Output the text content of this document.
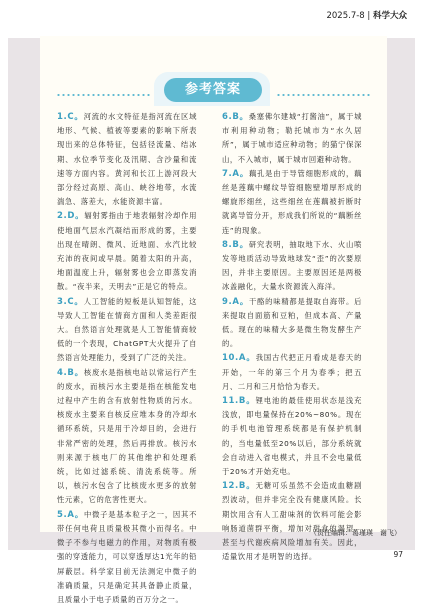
2025.7-8 | 科学大众
参考答案

1.C。河流的水文特征是指河流在区域地形、气候、植被等要素的影响下所表现出来的总体特征，包括径流量、结冰期、水位季节变化及汛期、含沙量和流速等方面内容。黄河和长江上游河段大部分经过高原、高山、峡谷地带，水流湍急、落差大，水能资源丰富。

2.D。辐射雾指由于地表辐射冷却作用使地面气层水汽凝结而形成的雾，主要出现在晴朗、微风、近地面、水汽比较充沛的夜间或早晨。随着太阳的升高，地面温度上升，辐射雾也会立即蒸发消散。“夜半来，天明去”正是它的特点。

3.C。人工智能的短板是认知智能，这导致人工智能在情商方面和人类差距很大。自然语言处理就是人工智能情商较低的一个表现，ChatGPT大火提升了自然语言处理能力，受到了广泛的关注。

4.B。核废水是指核电站以常运行产生的废水，而核污水主要是指在核能发电过程中产生的含有放射性物质的污水。核废水主要来自核反应堆本身的冷却水循环系统，只是用于冷却目的，会进行非常严密的处理，然后再排放。核污水则来源于核电厂的其他维护和处理系统，比如过滤系统、清洗系统等。所以，核污水包含了比核废水更多的放射性元素，它的危害性更大。

5.A。中微子是基本粒子之一，因其不带任何电荷且质量极其微小而得名。中微子不参与电磁力的作用，对物质有极强的穿透能力，可以穿透厚达1光年的铅屏蔽层。科学家目前无法测定中微子的准确质量，只是确定其具备静止质量，且质量小于电子质量的百万分之一。

6.B。桑塞佛尔建城“打酱油”，属于城市利用种动物；勒托城市为“水久居所”，属于城市适应种动物；的猫宁保深山，不入城市，属于城市回避种动物。

7.A。藕孔是由于导管细胞形成的，藕丝是莲藕中螺纹导管细胞壁增厚形成的螺旋形细丝，这些细丝在莲藕被折断时就离导管分开，形成我们所说的“藕断丝连”的现象。

8.B。研究表明，抽取地下水、火山喷发等地质活动导致地球发“歪”的次要原因，并非主要原因。主要原因还是两极冰盖融化，大量水资源流入海洋。

9.A。干酪的味精都是提取自海带。后来提取自面筋和豆粕，但成本高、产量低。现在的味精大多是微生物发酵生产的。

10.A。我国古代把正月看成是春天的开始，一年的第三个月为春季；把五月、二月和三月恰恰为春天。

11.B。锂电池的最佳使用状态是浅充浅放，即电量保持在20%~80%。现在的手机电池管理系统都是有保护机制的，当电量低至20%以后，部分系统就会自动进入省电模式，并且不会电量低于20%才开始充电。

12.B。无糖可乐虽然不会造成血糖剧烈波动，但并非完全没有健康风险。长期饮用含有人工甜味剂的饮料可能会影响肠道菌群平衡，增加对甜食的渴望，甚至与代谢疾病风险增加有关。因此，适量饮用才是明智的选择。

（责任编辑：葛瑾瑛　谢飞）
97
